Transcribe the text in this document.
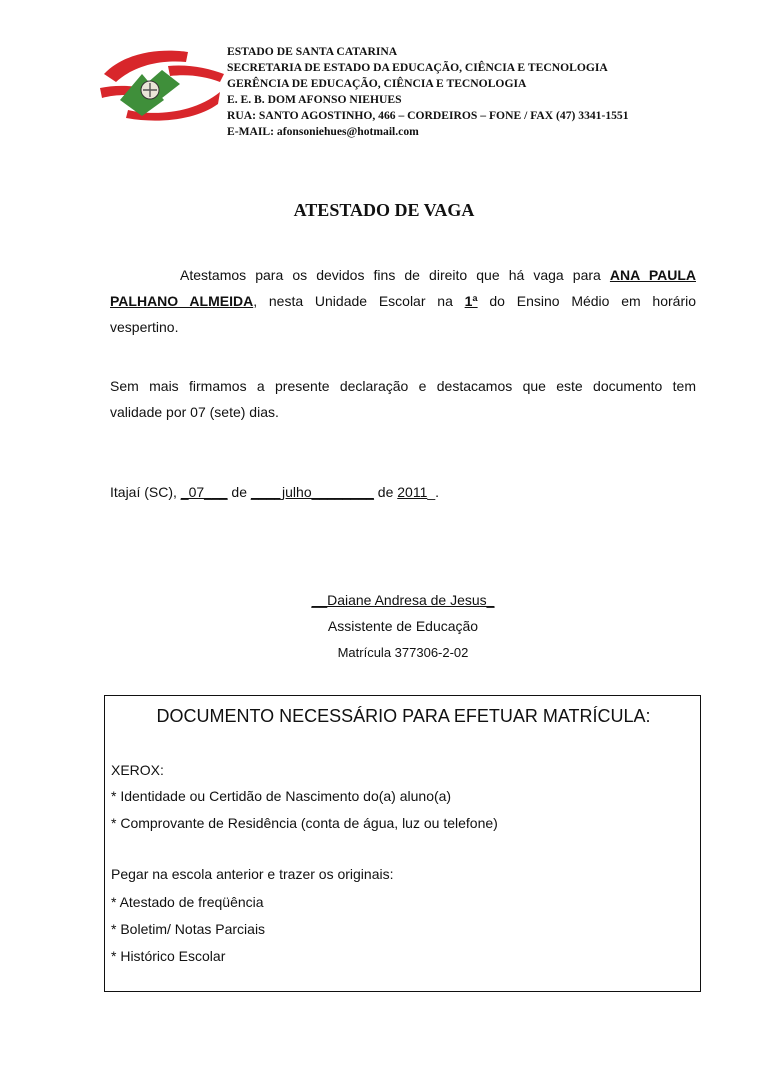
ESTADO DE SANTA CATARINA
SECRETARIA DE ESTADO DA EDUCAÇÃO, CIÊNCIA E TECNOLOGIA
GERÊNCIA DE EDUCAÇÃO, CIÊNCIA E TECNOLOGIA
E. E. B. DOM AFONSO NIEHUES
RUA: SANTO AGOSTINHO, 466 – CORDEIROS – FONE / FAX (47) 3341-1551
E-MAIL: afonsoniehues@hotmail.com
ATESTADO DE VAGA
Atestamos para os devidos fins de direito que há vaga para ANA PAULA
PALHANO ALMEIDA, nesta Unidade Escolar na 1ª do Ensino Médio em horário
vespertino.
Sem mais firmamos a presente declaração e destacamos que este documento tem
validade por 07 (sete) dias.
Itajaí (SC), _07___ de ____julho________ de 2011_.
__Daiane Andresa de Jesus_
Assistente de Educação
Matrícula 377306-2-02
DOCUMENTO NECESSÁRIO PARA EFETUAR MATRÍCULA:
XEROX:
* Identidade ou Certidão de Nascimento do(a) aluno(a)
* Comprovante de Residência (conta de água, luz ou telefone)
Pegar na escola anterior e trazer os originais:
* Atestado de freqüência
* Boletim/ Notas Parciais
* Histórico Escolar
